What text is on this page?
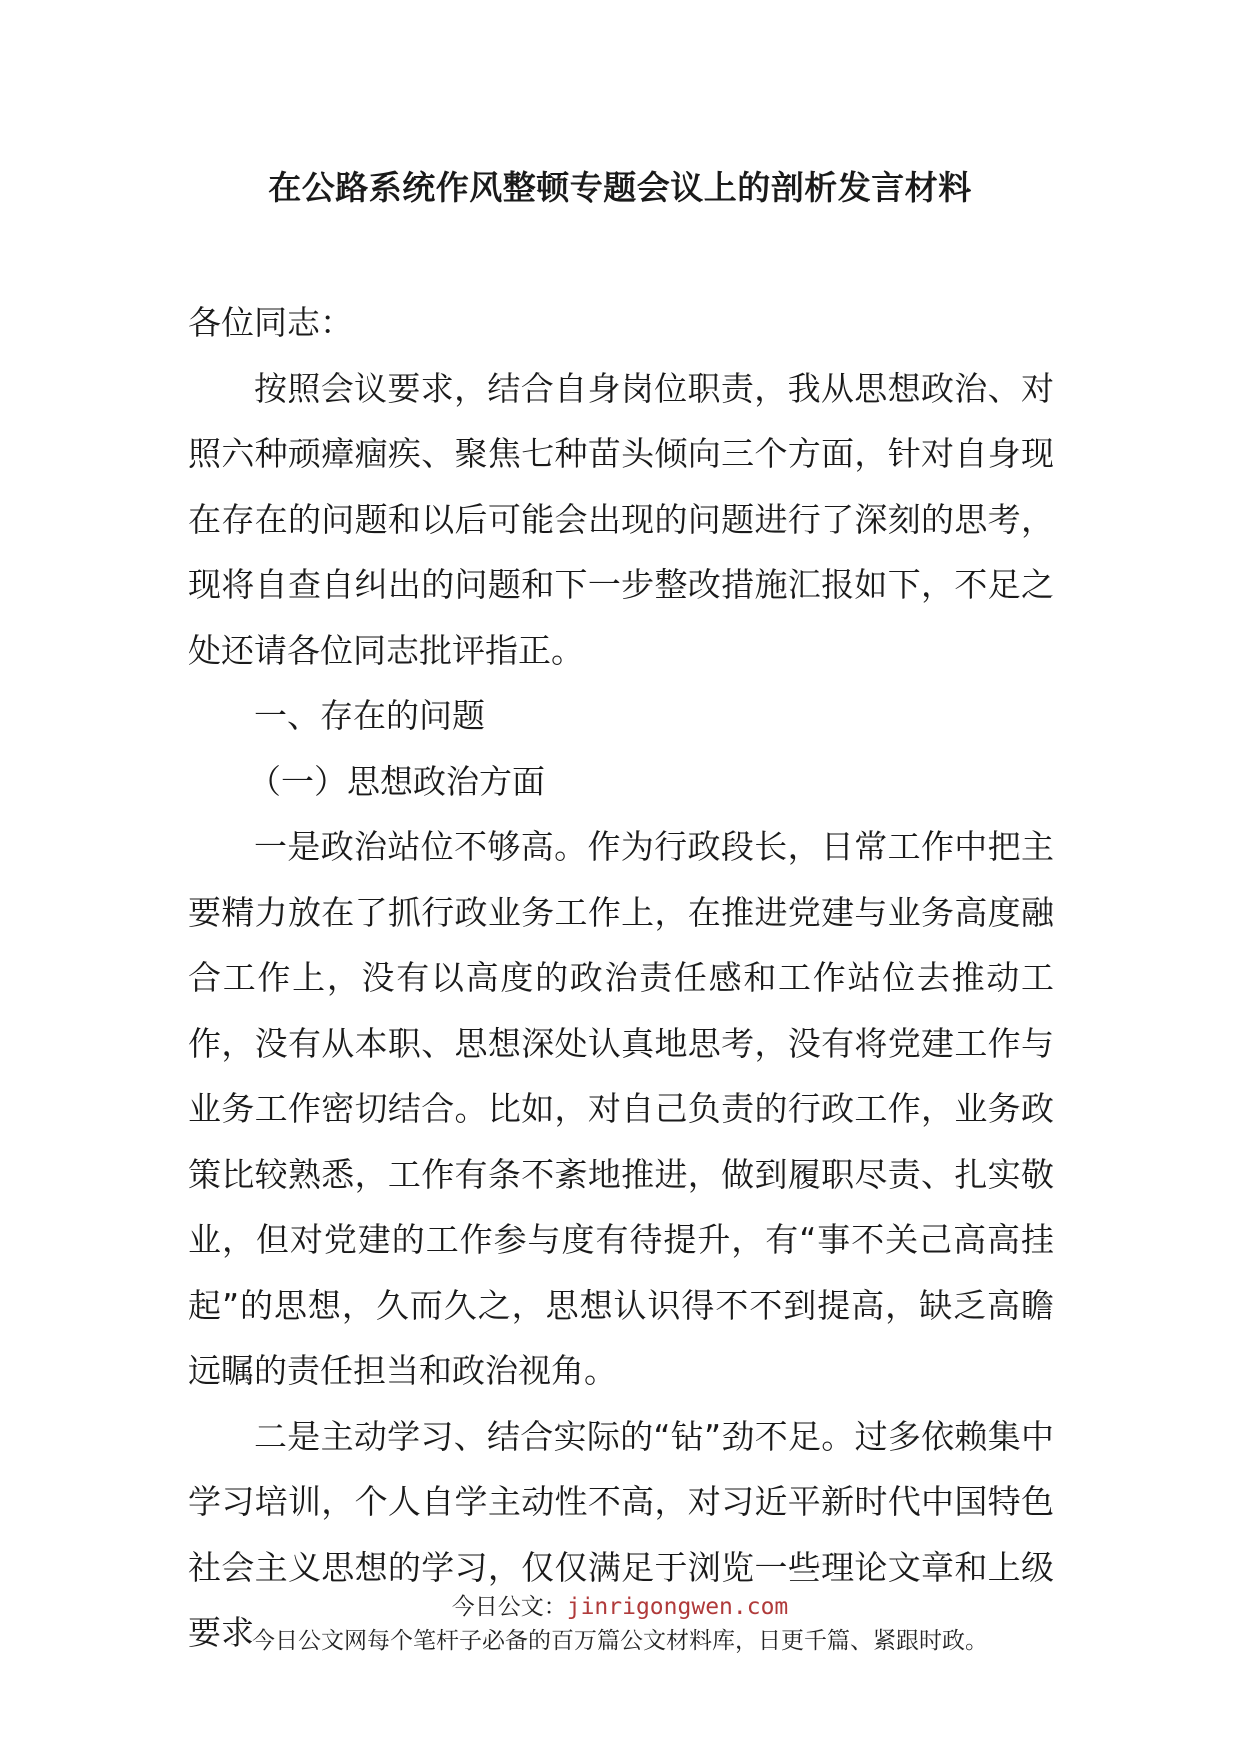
在公路系统作风整顿专题会议上的剖析发言材料

各位同志：

按照会议要求，结合自身岗位职责，我从思想政治、对照六种顽瘴痼疾、聚焦七种苗头倾向三个方面，针对自身现在存在的问题和以后可能会出现的问题进行了深刻的思考，现将自查自纠出的问题和下一步整改措施汇报如下，不足之处还请各位同志批评指正。

一、存在的问题

（一）思想政治方面

一是政治站位不够高。作为行政段长，日常工作中把主要精力放在了抓行政业务工作上，在推进党建与业务高度融合工作上，没有以高度的政治责任感和工作站位去推动工作，没有从本职、思想深处认真地思考，没有将党建工作与业务工作密切结合。比如，对自己负责的行政工作，业务政策比较熟悉，工作有条不紊地推进，做到履职尽责、扎实敬业，但对党建的工作参与度有待提升，有“事不关己高高挂起”的思想，久而久之，思想认识得不不到提高，缺乏高瞻远瞩的责任担当和政治视角。

二是主动学习、结合实际的“钻”劲不足。过多依赖集中学习培训，个人自学主动性不高，对习近平新时代中国特色社会主义思想的学习，仅仅满足于浏览一些理论文章和上级要求

今日公文：jinrigongwen.com
今日公文网每个笔杆子必备的百万篇公文材料库，日更千篇、紧跟时政。
